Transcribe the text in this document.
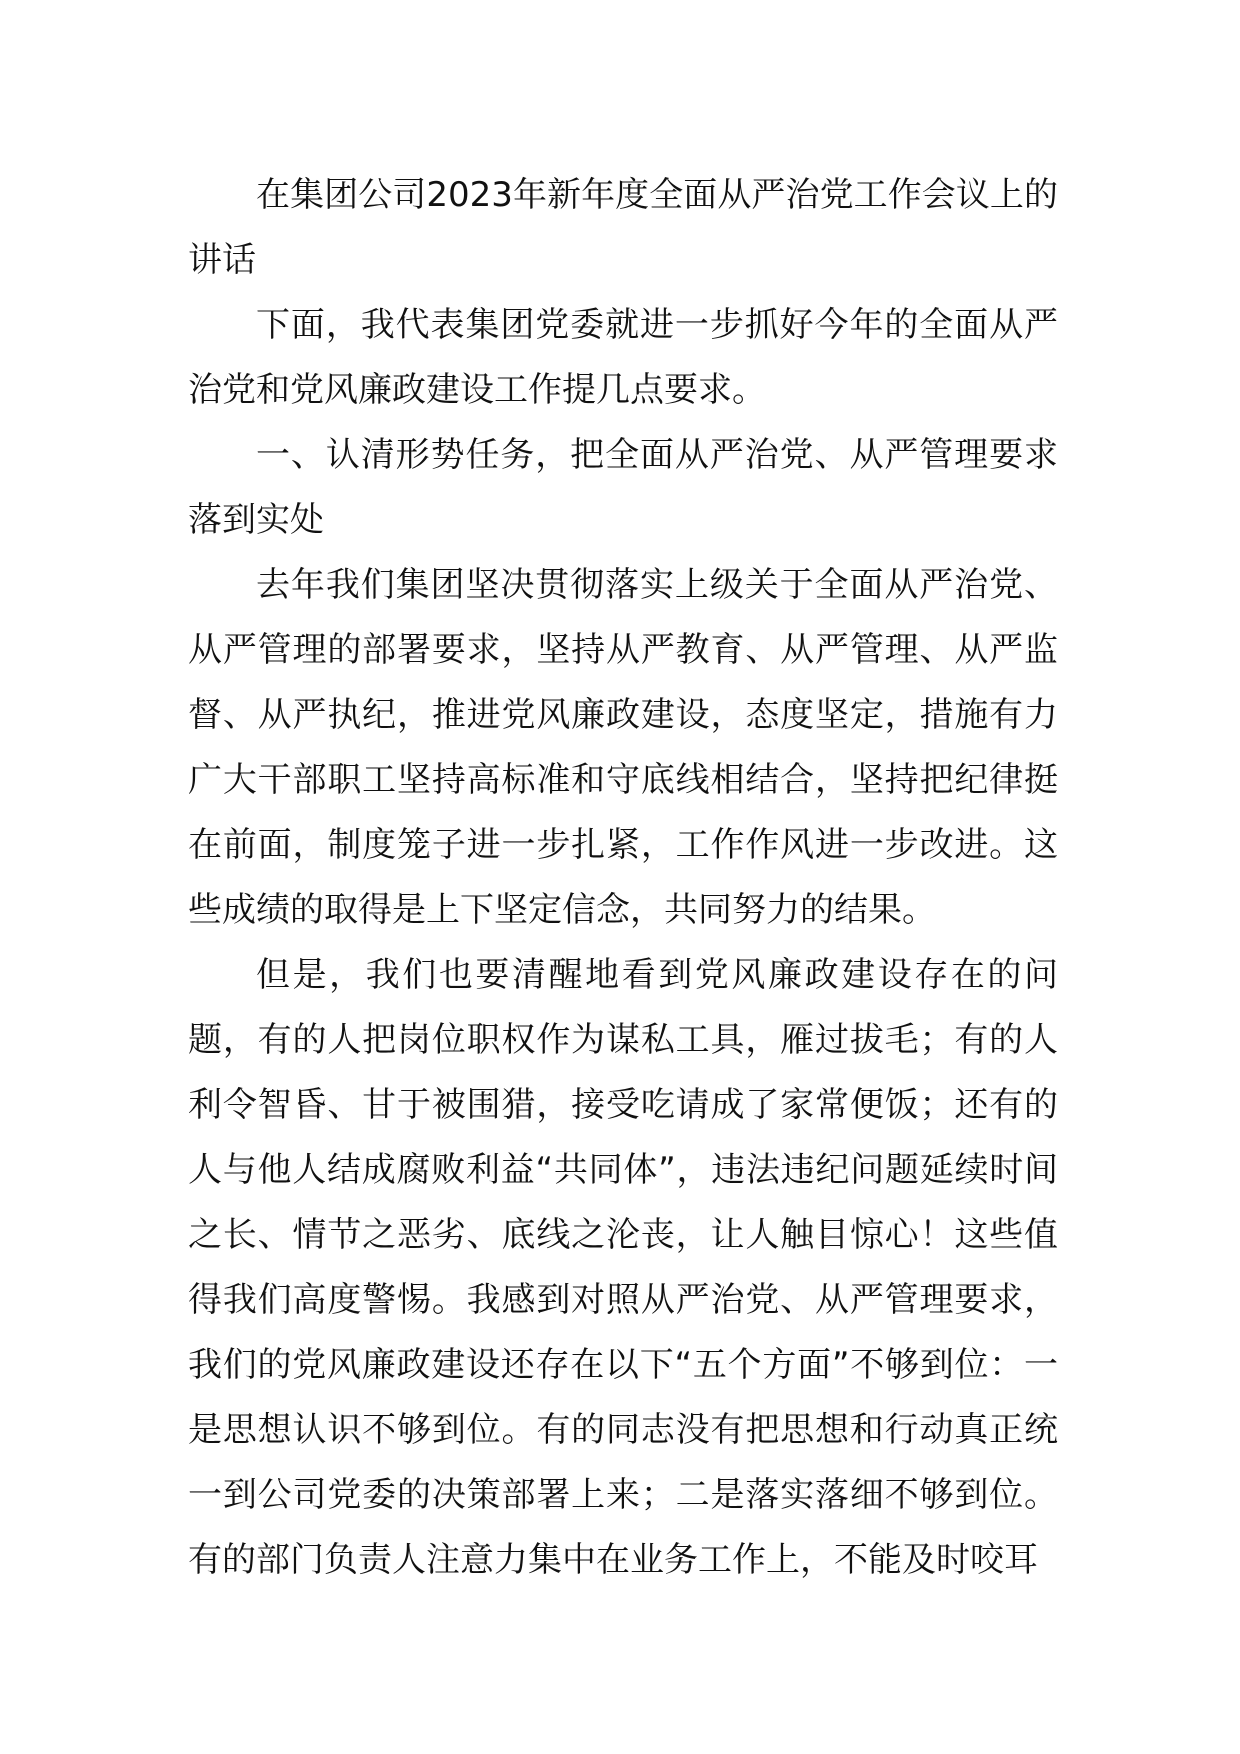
在集团公司2023年新年度全面从严治党工作会议上的讲话

下面，我代表集团党委就进一步抓好今年的全面从严治党和党风廉政建设工作提几点要求。

一、认清形势任务，把全面从严治党、从严管理要求落到实处

去年我们集团坚决贯彻落实上级关于全面从严治党、从严管理的部署要求，坚持从严教育、从严管理、从严监督、从严执纪，推进党风廉政建设，态度坚定，措施有力广大干部职工坚持高标准和守底线相结合，坚持把纪律挺在前面，制度笼子进一步扎紧，工作作风进一步改进。这些成绩的取得是上下坚定信念，共同努力的结果。

但是，我们也要清醒地看到党风廉政建设存在的问题，有的人把岗位职权作为谋私工具，雁过拔毛；有的人利令智昏、甘于被围猎，接受吃请成了家常便饭；还有的人与他人结成腐败利益“共同体”，违法违纪问题延续时间之长、情节之恶劣、底线之沦丧，让人触目惊心！这些值得我们高度警惕。我感到对照从严治党、从严管理要求，我们的党风廉政建设还存在以下“五个方面”不够到位：一是思想认识不够到位。有的同志没有把思想和行动真正统一到公司党委的决策部署上来；二是落实落细不够到位。有的部门负责人注意力集中在业务工作上，不能及时咬耳
